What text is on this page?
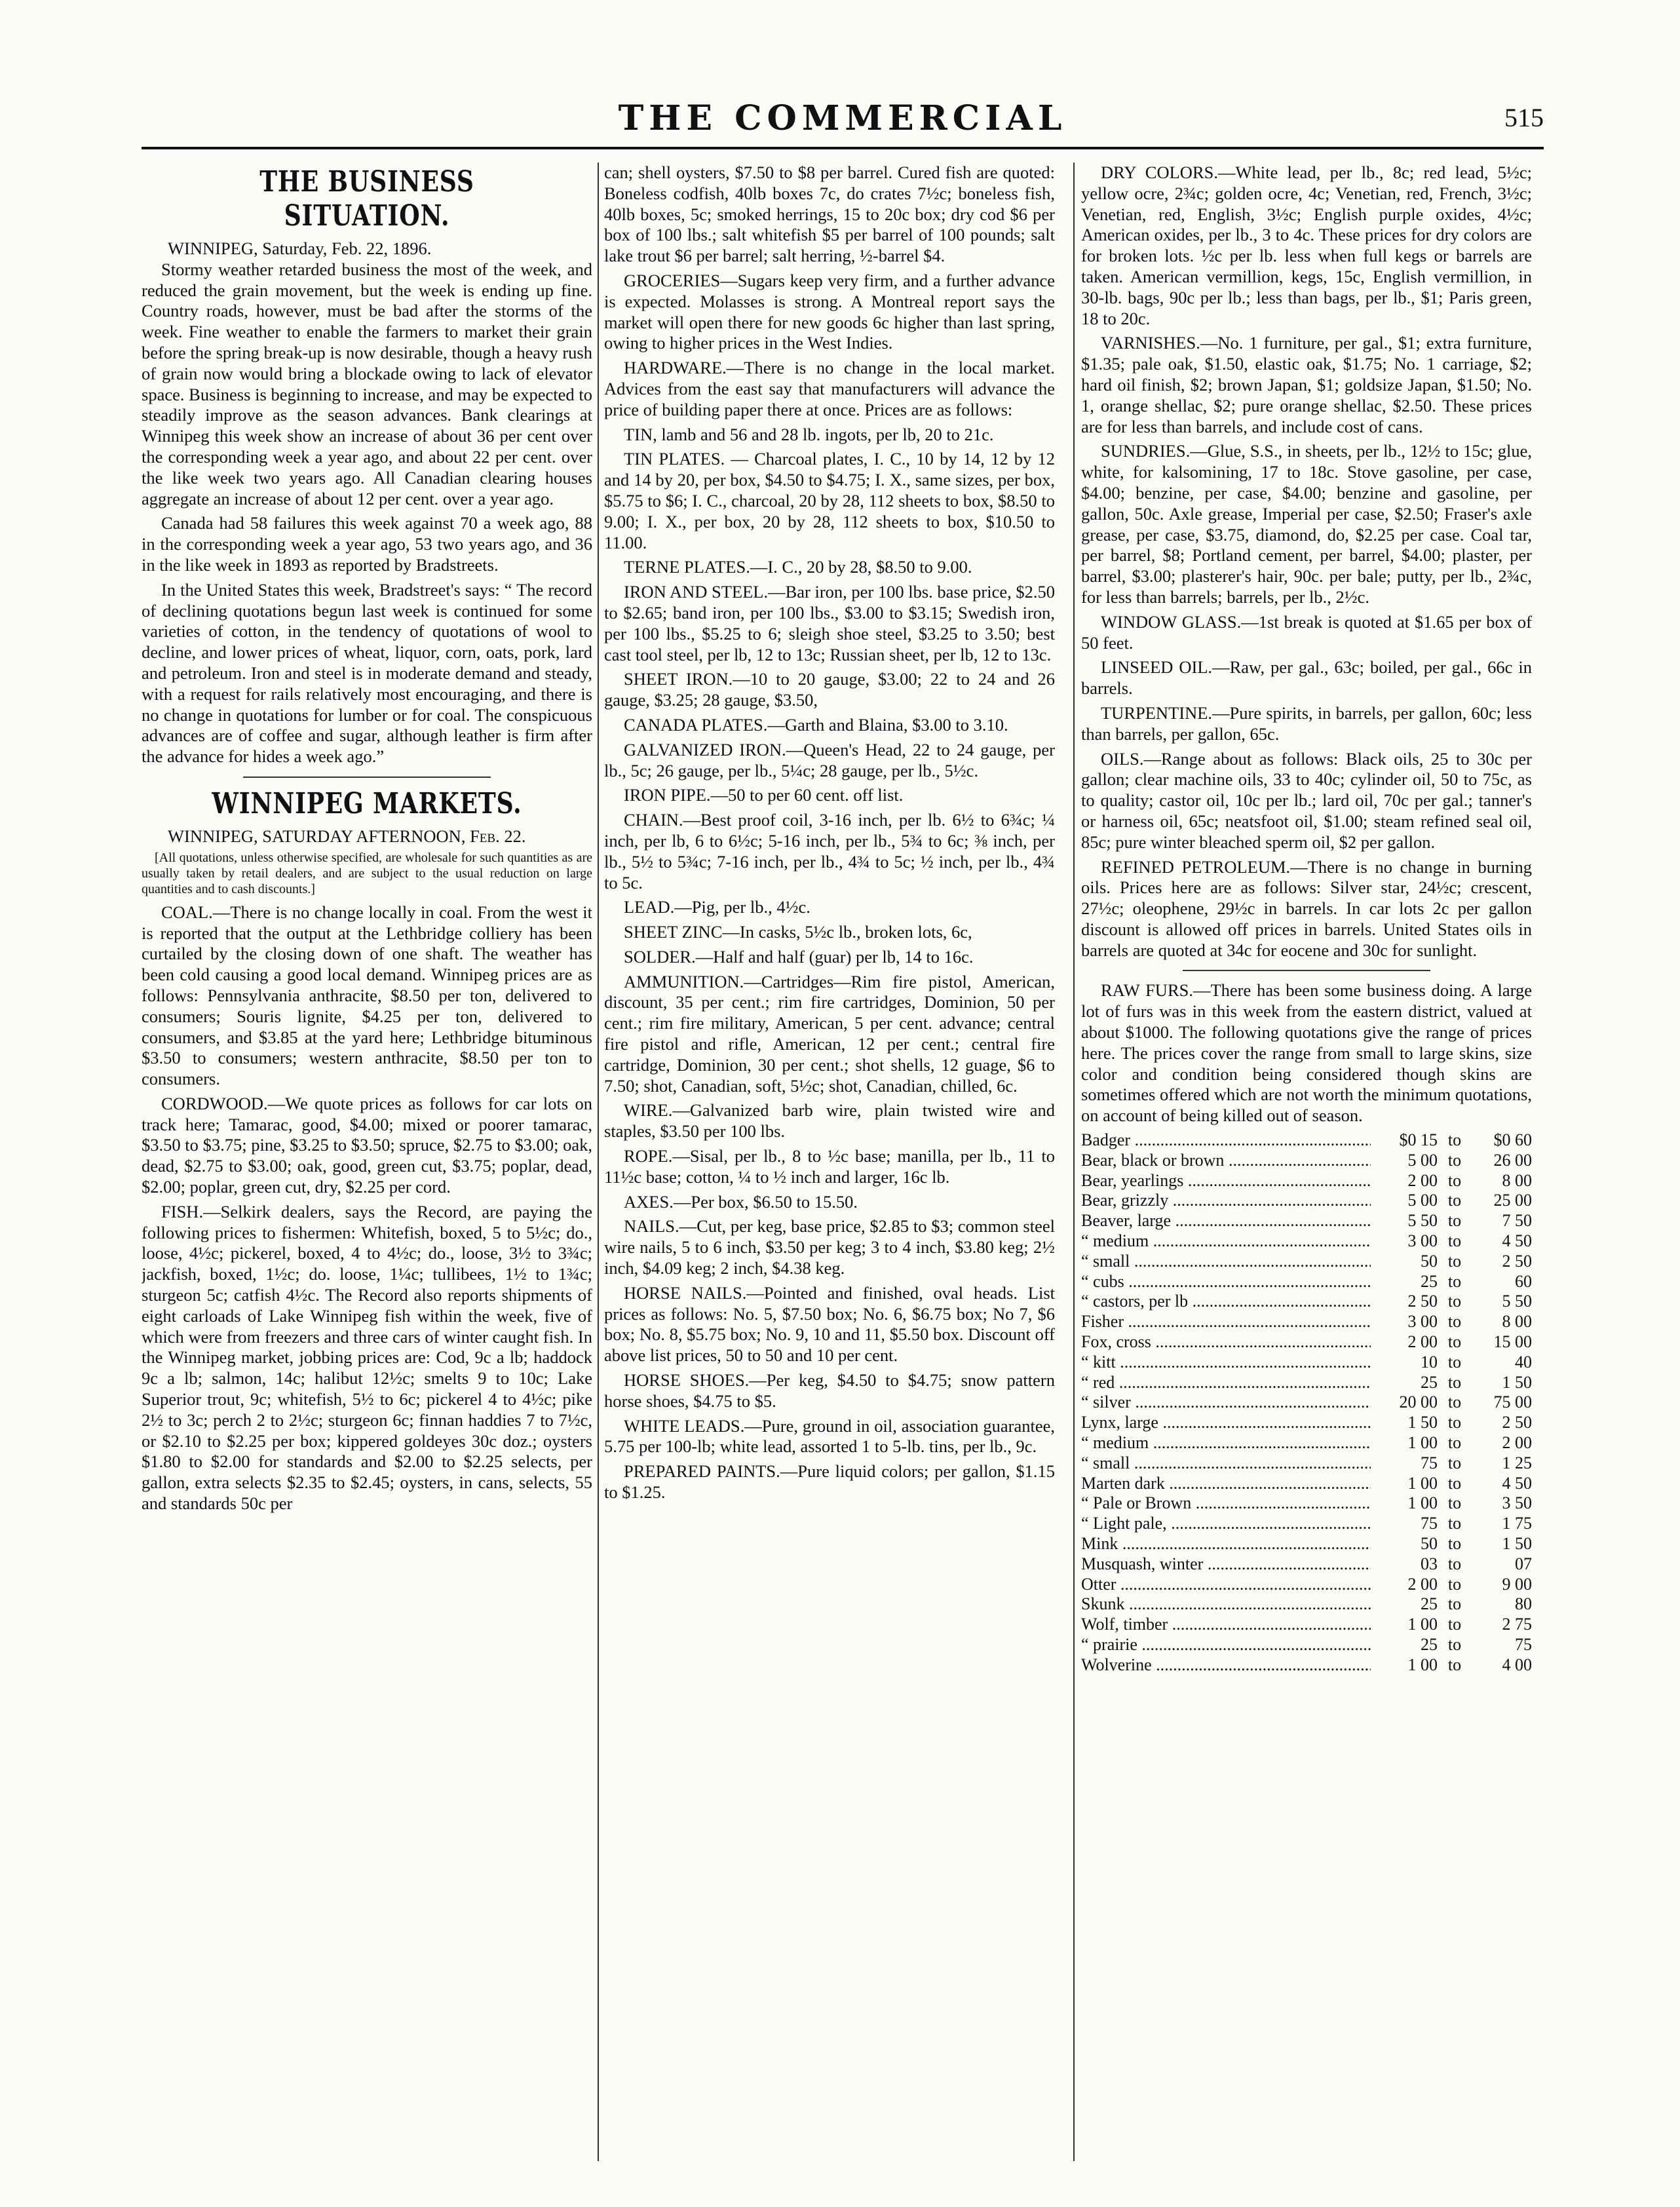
THE COMMERCIAL	515
THE BUSINESS SITUATION.

WINNIPEG, Saturday, Feb. 22, 1896.

Stormy weather retarded business the most of the week, and reduced the grain movement, but the week is ending up fine. Country roads, however, must be bad after the storms of the week. Fine weather to enable the farmers to market their grain before the spring break-up is now desirable, though a heavy rush of grain now would bring a blockade owing to lack of elevator space. Business is beginning to increase, and may be expected to steadily improve as the season advances. Bank clearings at Winnipeg this week show an increase of about 36 per cent over the corresponding week a year ago, and about 22 per cent. over the like week two years ago. All Canadian clearing houses aggregate an increase of about 12 per cent. over a year ago.

Canada had 58 failures this week against 70 a week ago, 88 in the corresponding week a year ago, 53 two years ago, and 36 in the like week in 1893 as reported by Bradstreets.

In the United States this week, Bradstreet's says: “ The record of declining quotations begun last week is continued for some varieties of cotton, in the tendency of quotations of wool to decline, and lower prices of wheat, liquor, corn, oats, pork, lard and petroleum. Iron and steel is in moderate demand and steady, with a request for rails relatively most encouraging, and there is no change in quotations for lumber or for coal. The conspicuous advances are of coffee and sugar, although leather is firm after the advance for hides a week ago.”

WINNIPEG MARKETS.

WINNIPEG, SATURDAY AFTERNOON, Feb. 22.

[All quotations, unless otherwise specified, are wholesale for such quantities as are usually taken by retail dealers, and are subject to the usual reduction on large quantities and to cash discounts.]

COAL.—There is no change locally in coal. From the west it is reported that the output at the Lethbridge colliery has been curtailed by the closing down of one shaft. The weather has been cold causing a good local demand. Winnipeg prices are as follows: Pennsylvania anthracite, $8.50 per ton, delivered to consumers; Souris lignite, $4.25 per ton, delivered to consumers, and $3.85 at the yard here; Lethbridge bituminous $3.50 to consumers; western anthracite, $8.50 per ton to consumers.

CORDWOOD.—We quote prices as follows for car lots on track here; Tamarac, good, $4.00; mixed or poorer tamarac, $3.50 to $3.75; pine, $3.25 to $3.50; spruce, $2.75 to $3.00; oak, dead, $2.75 to $3.00; oak, good, green cut, $3.75; poplar, dead, $2.00; poplar, green cut, dry, $2.25 per cord.

FISH.—Selkirk dealers, says the Record, are paying the following prices to fishermen: Whitefish, boxed, 5 to 5½c; do., loose, 4½c; pickerel, boxed, 4 to 4½c; do., loose, 3½ to 3¾c; jackfish, boxed, 1½c; do. loose, 1¼c; tullibees, 1½ to 1¾c; sturgeon 5c; catfish 4½c. The Record also reports shipments of eight carloads of Lake Winnipeg fish within the week, five of which were from freezers and three cars of winter caught fish. In the Winnipeg market, jobbing prices are: Cod, 9c a lb; haddock 9c a lb; salmon, 14c; halibut 12½c; smelts 9 to 10c; Lake Superior trout, 9c; whitefish, 5½ to 6c; pickerel 4 to 4½c; pike 2½ to 3c; perch 2 to 2½c; sturgeon 6c; finnan haddies 7 to 7½c, or $2.10 to $2.25 per box; kippered goldeyes 30c doz.; oysters $1.80 to $2.00 for standards and $2.00 to $2.25 selects, per gallon, extra selects $2.35 to $2.45; oysters, in cans, selects, 55 and standards 50c per

can; shell oysters, $7.50 to $8 per barrel. Cured fish are quoted: Boneless codfish, 40lb boxes 7c, do crates 7½c; boneless fish, 40lb boxes, 5c; smoked herrings, 15 to 20c box; dry cod $6 per box of 100 lbs.; salt whitefish $5 per barrel of 100 pounds; salt lake trout $6 per barrel; salt herring, ½-barrel $4.

GROCERIES—Sugars keep very firm, and a further advance is expected. Molasses is strong. A Montreal report says the market will open there for new goods 6c higher than last spring, owing to higher prices in the West Indies.

HARDWARE.—There is no change in the local market. Advices from the east say that manufacturers will advance the price of building paper there at once. Prices are as follows:

TIN, lamb and 56 and 28 lb. ingots, per lb, 20 to 21c.

TIN PLATES. — Charcoal plates, I. C., 10 by 14, 12 by 12 and 14 by 20, per box, $4.50 to $4.75; I. X., same sizes, per box, $5.75 to $6; I. C., charcoal, 20 by 28, 112 sheets to box, $8.50 to 9.00; I. X., per box, 20 by 28, 112 sheets to box, $10.50 to 11.00.

TERNE PLATES.—I. C., 20 by 28, $8.50 to 9.00.

IRON AND STEEL.—Bar iron, per 100 lbs. base price, $2.50 to $2.65; band iron, per 100 lbs., $3.00 to $3.15; Swedish iron, per 100 lbs., $5.25 to 6; sleigh shoe steel, $3.25 to 3.50; best cast tool steel, per lb, 12 to 13c; Russian sheet, per lb, 12 to 13c.

SHEET IRON.—10 to 20 gauge, $3.00; 22 to 24 and 26 gauge, $3.25; 28 gauge, $3.50,

CANADA PLATES.—Garth and Blaina, $3.00 to 3.10.

GALVANIZED IRON.—Queen's Head, 22 to 24 gauge, per lb., 5c; 26 gauge, per lb., 5¼c; 28 gauge, per lb., 5½c.

IRON PIPE.—50 to per 60 cent. off list.

CHAIN.—Best proof coil, 3-16 inch, per lb. 6½ to 6¾c; ¼ inch, per lb, 6 to 6½c; 5-16 inch, per lb., 5¾ to 6c; ⅜ inch, per lb., 5½ to 5¾c; 7-16 inch, per lb., 4¾ to 5c; ½ inch, per lb., 4¾ to 5c.

LEAD.—Pig, per lb., 4½c.

SHEET ZINC—In casks, 5½c lb., broken lots, 6c,

SOLDER.—Half and half (guar) per lb, 14 to 16c.

AMMUNITION.—Cartridges—Rim fire pistol, American, discount, 35 per cent.; rim fire cartridges, Dominion, 50 per cent.; rim fire military, American, 5 per cent. advance; central fire pistol and rifle, American, 12 per cent.; central fire cartridge, Dominion, 30 per cent.; shot shells, 12 guage, $6 to 7.50; shot, Canadian, soft, 5½c; shot, Canadian, chilled, 6c.

WIRE.—Galvanized barb wire, plain twisted wire and staples, $3.50 per 100 lbs.

ROPE.—Sisal, per lb., 8 to ½c base; manilla, per lb., 11 to 11½c base; cotton, ¼ to ½ inch and larger, 16c lb.

AXES.—Per box, $6.50 to 15.50.

NAILS.—Cut, per keg, base price, $2.85 to $3; common steel wire nails, 5 to 6 inch, $3.50 per keg; 3 to 4 inch, $3.80 keg; 2½ inch, $4.09 keg; 2 inch, $4.38 keg.

HORSE NAILS.—Pointed and finished, oval heads. List prices as follows: No. 5, $7.50 box; No. 6, $6.75 box; No 7, $6 box; No. 8, $5.75 box; No. 9, 10 and 11, $5.50 box. Discount off above list prices, 50 to 50 and 10 per cent.

HORSE SHOES.—Per keg, $4.50 to $4.75; snow pattern horse shoes, $4.75 to $5.

WHITE LEADS.—Pure, ground in oil, association guarantee, 5.75 per 100-lb; white lead, assorted 1 to 5-lb. tins, per lb., 9c.

PREPARED PAINTS.—Pure liquid colors; per gallon, $1.15 to $1.25.

DRY COLORS.—White lead, per lb., 8c; red lead, 5½c; yellow ocre, 2¾c; golden ocre, 4c; Venetian, red, French, 3½c; Venetian, red, English, 3½c; English purple oxides, 4½c; American oxides, per lb., 3 to 4c. These prices for dry colors are for broken lots. ½c per lb. less when full kegs or barrels are taken. American vermillion, kegs, 15c, English vermillion, in 30-lb. bags, 90c per lb.; less than bags, per lb., $1; Paris green, 18 to 20c.

VARNISHES.—No. 1 furniture, per gal., $1; extra furniture, $1.35; pale oak, $1.50, elastic oak, $1.75; No. 1 carriage, $2; hard oil finish, $2; brown Japan, $1; goldsize Japan, $1.50; No. 1, orange shellac, $2; pure orange shellac, $2.50. These prices are for less than barrels, and include cost of cans.

SUNDRIES.—Glue, S.S., in sheets, per lb., 12½ to 15c; glue, white, for kalsomining, 17 to 18c. Stove gasoline, per case, $4.00; benzine, per case, $4.00; benzine and gasoline, per gallon, 50c. Axle grease, Imperial per case, $2.50; Fraser's axle grease, per case, $3.75, diamond, do, $2.25 per case. Coal tar, per barrel, $8; Portland cement, per barrel, $4.00; plaster, per barrel, $3.00; plasterer's hair, 90c. per bale; putty, per lb., 2¾c, for less than barrels; barrels, per lb., 2½c.

WINDOW GLASS.—1st break is quoted at $1.65 per box of 50 feet.

LINSEED OIL.—Raw, per gal., 63c; boiled, per gal., 66c in barrels.

TURPENTINE.—Pure spirits, in barrels, per gallon, 60c; less than barrels, per gallon, 65c.

OILS.—Range about as follows: Black oils, 25 to 30c per gallon; clear machine oils, 33 to 40c; cylinder oil, 50 to 75c, as to quality; castor oil, 10c per lb.; lard oil, 70c per gal.; tanner's or harness oil, 65c; neatsfoot oil, $1.00; steam refined seal oil, 85c; pure winter bleached sperm oil, $2 per gallon.

REFINED PETROLEUM.—There is no change in burning oils. Prices here are as follows: Silver star, 24½c; crescent, 27½c; oleophene, 29½c in barrels. In car lots 2c per gallon discount is allowed off prices in barrels. United States oils in barrels are quoted at 34c for eocene and 30c for sunlight.

RAW FURS.—There has been some business doing. A large lot of furs was in this week from the eastern district, valued at about $1000. The following quotations give the range of prices here. The prices cover the range from small to large skins, size color and condition being considered though skins are sometimes offered which are not worth the minimum quotations, on account of being killed out of season.

Badger .....	$0 15 to	$0 60
Bear, black or brown .....	5 00 to	26 00
Bear, yearlings .....	2 00 to	8 00
Bear, grizzly .....	5 00 to	25 00
Beaver, large .....	5 50 to	7 50
“ medium .....	3 00 to	4 50
“ small .....	50 to	2 50
“ cubs .....	25 to	60
“ castors, per lb .....	2 50 to	5 50
Fisher .....	3 00 to	8 00
Fox, cross .....	2 00 to	15 00
“ kitt .....	10 to	40
“ red .....	25 to	1 50
“ silver .....	20 00 to	75 00
Lynx, large .....	1 50 to	2 50
“ medium .....	1 00 to	2 00
“ small .....	75 to	1 25
Marten dark .....	1 00 to	4 50
“ Pale or Brown .....	1 00 to	3 50
“ Light pale, .....	75 to	1 75
Mink .....	50 to	1 50
Musquash, winter .....	03 to	07
Otter .....	2 00 to	9 00
Skunk .....	25 to	80
Wolf, timber .....	1 00 to	2 75
“ prairie .....	25 to	75
Wolverine .....	1 00 to	4 00
